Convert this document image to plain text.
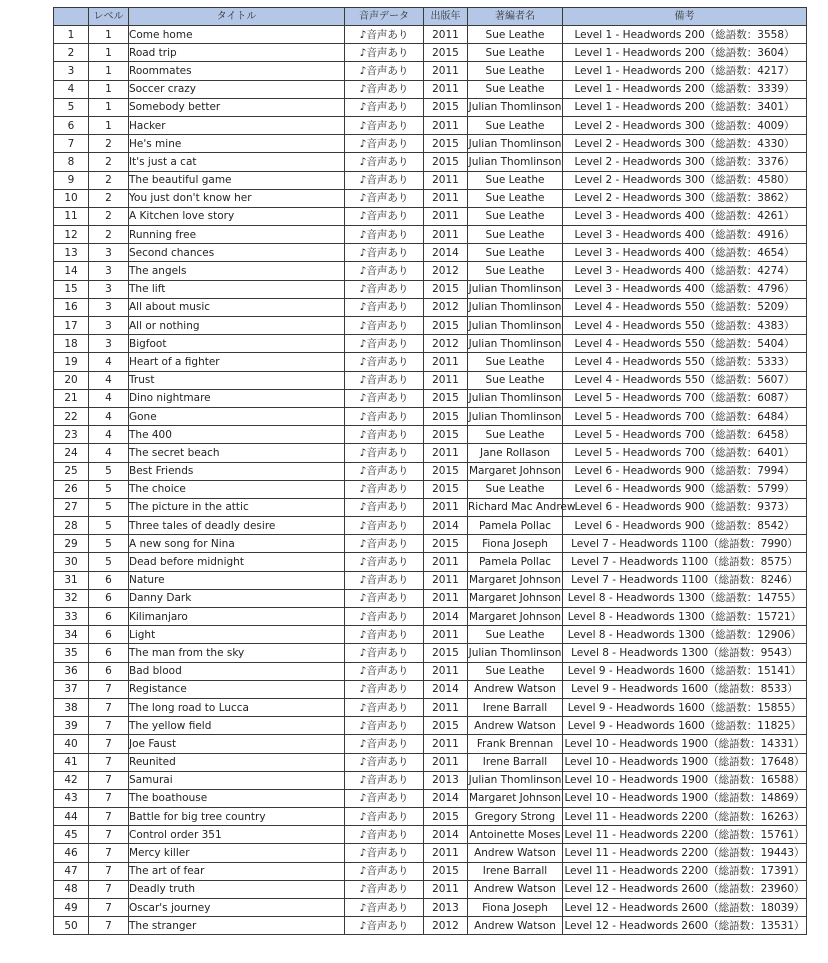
	レベル	タイトル	音声データ	出版年	著編者名	備考
1	1	Come home	♪音声あり	2011	Sue Leathe	Level 1 - Headwords 200（総語数：3558）
2	1	Road trip	♪音声あり	2015	Sue Leathe	Level 1 - Headwords 200（総語数：3604）
3	1	Roommates	♪音声あり	2011	Sue Leathe	Level 1 - Headwords 200（総語数：4217）
4	1	Soccer crazy	♪音声あり	2011	Sue Leathe	Level 1 - Headwords 200（総語数：3339）
5	1	Somebody better	♪音声あり	2015	Julian Thomlinson	Level 1 - Headwords 200（総語数：3401）
6	1	Hacker	♪音声あり	2011	Sue Leathe	Level 2 - Headwords 300（総語数：4009）
7	2	He's mine	♪音声あり	2015	Julian Thomlinson	Level 2 - Headwords 300（総語数：4330）
8	2	It's just a cat	♪音声あり	2015	Julian Thomlinson	Level 2 - Headwords 300（総語数：3376）
9	2	The beautiful game	♪音声あり	2011	Sue Leathe	Level 2 - Headwords 300（総語数：4580）
10	2	You just don't know her	♪音声あり	2011	Sue Leathe	Level 2 - Headwords 300（総語数：3862）
11	2	A Kitchen love story	♪音声あり	2011	Sue Leathe	Level 3 - Headwords 400（総語数：4261）
12	2	Running free	♪音声あり	2011	Sue Leathe	Level 3 - Headwords 400（総語数：4916）
13	3	Second chances	♪音声あり	2014	Sue Leathe	Level 3 - Headwords 400（総語数：4654）
14	3	The angels	♪音声あり	2012	Sue Leathe	Level 3 - Headwords 400（総語数：4274）
15	3	The lift	♪音声あり	2015	Julian Thomlinson	Level 3 - Headwords 400（総語数：4796）
16	3	All about music	♪音声あり	2012	Julian Thomlinson	Level 4 - Headwords 550（総語数：5209）
17	3	All or nothing	♪音声あり	2015	Julian Thomlinson	Level 4 - Headwords 550（総語数：4383）
18	3	Bigfoot	♪音声あり	2012	Julian Thomlinson	Level 4 - Headwords 550（総語数：5404）
19	4	Heart of a fighter	♪音声あり	2011	Sue Leathe	Level 4 - Headwords 550（総語数：5333）
20	4	Trust	♪音声あり	2011	Sue Leathe	Level 4 - Headwords 550（総語数：5607）
21	4	Dino nightmare	♪音声あり	2015	Julian Thomlinson	Level 5 - Headwords 700（総語数：6087）
22	4	Gone	♪音声あり	2015	Julian Thomlinson	Level 5 - Headwords 700（総語数：6484）
23	4	The 400	♪音声あり	2015	Sue Leathe	Level 5 - Headwords 700（総語数：6458）
24	4	The secret beach	♪音声あり	2011	Jane Rollason	Level 5 - Headwords 700（総語数：6401）
25	5	Best Friends	♪音声あり	2015	Margaret Johnson	Level 6 - Headwords 900（総語数：7994）
26	5	The choice	♪音声あり	2015	Sue Leathe	Level 6 - Headwords 900（総語数：5799）
27	5	The picture in the attic	♪音声あり	2011	Richard Mac Andrew	Level 6 - Headwords 900（総語数：9373）
28	5	Three tales of deadly desire	♪音声あり	2014	Pamela Pollac	Level 6 - Headwords 900（総語数：8542）
29	5	A new song for Nina	♪音声あり	2015	Fiona Joseph	Level 7 - Headwords 1100（総語数：7990）
30	5	Dead before midnight	♪音声あり	2011	Pamela Pollac	Level 7 - Headwords 1100（総語数：8575）
31	6	Nature	♪音声あり	2011	Margaret Johnson	Level 7 - Headwords 1100（総語数：8246）
32	6	Danny Dark	♪音声あり	2011	Margaret Johnson	Level 8 - Headwords 1300（総語数：14755）
33	6	Kilimanjaro	♪音声あり	2014	Margaret Johnson	Level 8 - Headwords 1300（総語数：15721）
34	6	Light	♪音声あり	2011	Sue Leathe	Level 8 - Headwords 1300（総語数：12906）
35	6	The man from the sky	♪音声あり	2015	Julian Thomlinson	Level 8 - Headwords 1300（総語数：9543）
36	6	Bad blood	♪音声あり	2011	Sue Leathe	Level 9 - Headwords 1600（総語数：15141）
37	7	Registance	♪音声あり	2014	Andrew Watson	Level 9 - Headwords 1600（総語数：8533）
38	7	The long road to Lucca	♪音声あり	2011	Irene Barrall	Level 9 - Headwords 1600（総語数：15855）
39	7	The yellow field	♪音声あり	2015	Andrew Watson	Level 9 - Headwords 1600（総語数：11825）
40	7	Joe Faust	♪音声あり	2011	Frank Brennan	Level 10 - Headwords 1900（総語数：14331）
41	7	Reunited	♪音声あり	2011	Irene Barrall	Level 10 - Headwords 1900（総語数：17648）
42	7	Samurai	♪音声あり	2013	Julian Thomlinson	Level 10 - Headwords 1900（総語数：16588）
43	7	The boathouse	♪音声あり	2014	Margaret Johnson	Level 10 - Headwords 1900（総語数：14869）
44	7	Battle for big tree country	♪音声あり	2015	Gregory Strong	Level 11 - Headwords 2200（総語数：16263）
45	7	Control order 351	♪音声あり	2014	Antoinette Moses	Level 11 - Headwords 2200（総語数：15761）
46	7	Mercy killer	♪音声あり	2011	Andrew Watson	Level 11 - Headwords 2200（総語数：19443）
47	7	The art of fear	♪音声あり	2015	Irene Barrall	Level 11 - Headwords 2200（総語数：17391）
48	7	Deadly truth	♪音声あり	2011	Andrew Watson	Level 12 - Headwords 2600（総語数：23960）
49	7	Oscar's journey	♪音声あり	2013	Fiona Joseph	Level 12 - Headwords 2600（総語数：18039）
50	7	The stranger	♪音声あり	2012	Andrew Watson	Level 12 - Headwords 2600（総語数：13531）
